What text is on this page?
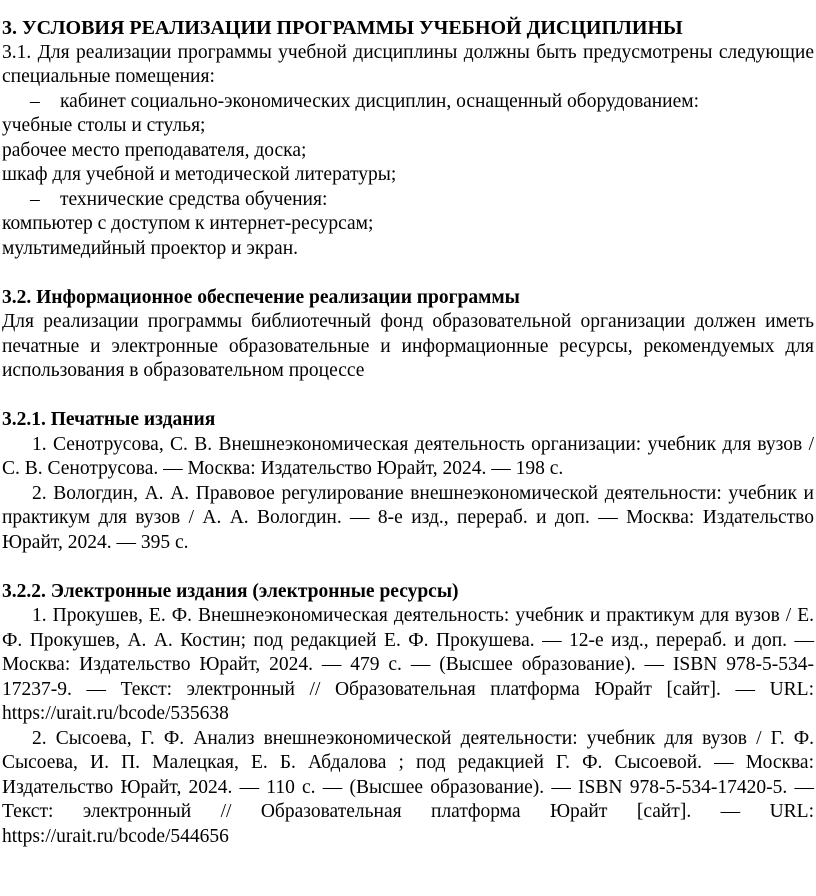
3. УСЛОВИЯ РЕАЛИЗАЦИИ ПРОГРАММЫ УЧЕБНОЙ ДИСЦИПЛИНЫ

3.1. Для реализации программы учебной дисциплины должны быть предусмотрены следующие специальные помещения:

– кабинет социально-экономических дисциплин, оснащенный оборудованием:

учебные столы и стулья;

рабочее место преподавателя, доска;

шкаф для учебной и методической литературы;

– технические средства обучения:

компьютер с доступом к интернет-ресурсам;

мультимедийный проектор и экран.

3.2. Информационное обеспечение реализации программы

Для реализации программы библиотечный фонд образовательной организации должен иметь печатные и электронные образовательные и информационные ресурсы, рекомендуемых для использования в образовательном процессе

3.2.1. Печатные издания

1. Сенотрусова, С. В. Внешнеэкономическая деятельность организации: учебник для вузов / С. В. Сенотрусова. — Москва: Издательство Юрайт, 2024. — 198 с.

2. Вологдин, А. А. Правовое регулирование внешнеэкономической деятельности: учебник и практикум для вузов / А. А. Вологдин. — 8-е изд., перераб. и доп. — Москва: Издательство Юрайт, 2024. — 395 с.

3.2.2. Электронные издания (электронные ресурсы)

1. Прокушев, Е. Ф. Внешнеэкономическая деятельность: учебник и практикум для вузов / Е. Ф. Прокушев, А. А. Костин; под редакцией Е. Ф. Прокушева. — 12-е изд., перераб. и доп. — Москва: Издательство Юрайт, 2024. — 479 с. — (Высшее образование). — ISBN 978-5-534-17237-9. — Текст: электронный // Образовательная платформа Юрайт [сайт]. — URL: https://urait.ru/bcode/535638

2. Сысоева, Г. Ф. Анализ внешнеэкономической деятельности: учебник для вузов / Г. Ф. Сысоева, И. П. Малецкая, Е. Б. Абдалова ; под редакцией Г. Ф. Сысоевой. — Москва: Издательство Юрайт, 2024. — 110 с. — (Высшее образование). — ISBN 978-5-534-17420-5. — Текст: электронный // Образовательная платформа Юрайт [сайт]. — URL: https://urait.ru/bcode/544656
